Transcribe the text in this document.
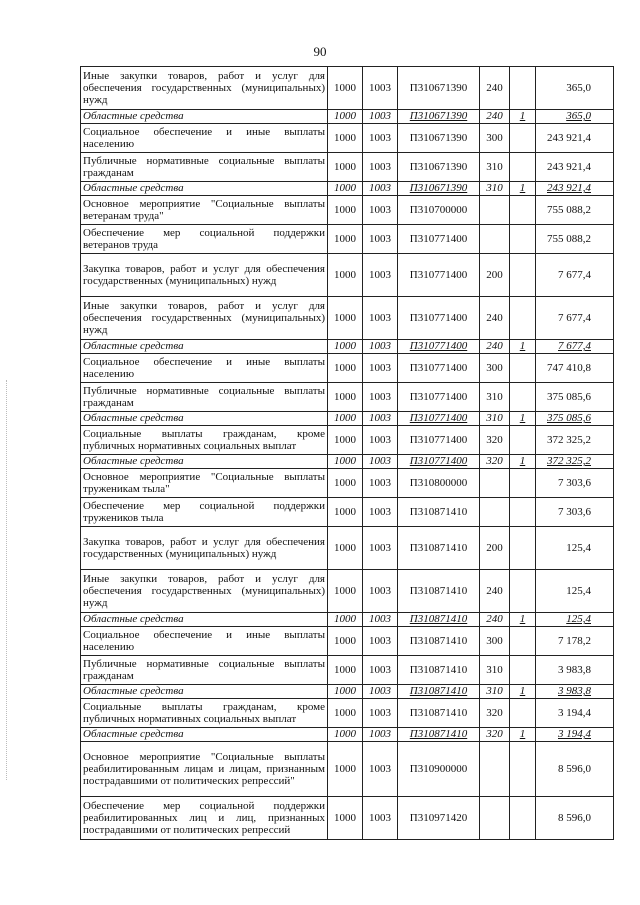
90
Иные закупки товаров, работ и услуг для обеспечения государственных (муниципальных) нужд	1000	1003	П310671390	240		365,0
Областные средства	1000	1003	П310671390	240	1	365,0
Социальное обеспечение и иные выплаты населению	1000	1003	П310671390	300		243 921,4
Публичные нормативные социальные выплаты гражданам	1000	1003	П310671390	310		243 921,4
Областные средства	1000	1003	П310671390	310	1	243 921,4
Основное мероприятие "Социальные выплаты ветеранам труда"	1000	1003	П310700000			755 088,2
Обеспечение мер социальной поддержки ветеранов труда	1000	1003	П310771400			755 088,2
Закупка товаров, работ и услуг для обеспечения государственных (муниципальных) нужд	1000	1003	П310771400	200		7 677,4
Иные закупки товаров, работ и услуг для обеспечения государственных (муниципальных) нужд	1000	1003	П310771400	240		7 677,4
Областные средства	1000	1003	П310771400	240	1	7 677,4
Социальное обеспечение и иные выплаты населению	1000	1003	П310771400	300		747 410,8
Публичные нормативные социальные выплаты гражданам	1000	1003	П310771400	310		375 085,6
Областные средства	1000	1003	П310771400	310	1	375 085,6
Социальные выплаты гражданам, кроме публичных нормативных социальных выплат	1000	1003	П310771400	320		372 325,2
Областные средства	1000	1003	П310771400	320	1	372 325,2
Основное мероприятие "Социальные выплаты труженикам тыла"	1000	1003	П310800000			7 303,6
Обеспечение мер социальной поддержки тружеников тыла	1000	1003	П310871410			7 303,6
Закупка товаров, работ и услуг для обеспечения государственных (муниципальных) нужд	1000	1003	П310871410	200		125,4
Иные закупки товаров, работ и услуг для обеспечения государственных (муниципальных) нужд	1000	1003	П310871410	240		125,4
Областные средства	1000	1003	П310871410	240	1	125,4
Социальное обеспечение и иные выплаты населению	1000	1003	П310871410	300		7 178,2
Публичные нормативные социальные выплаты гражданам	1000	1003	П310871410	310		3 983,8
Областные средства	1000	1003	П310871410	310	1	3 983,8
Социальные выплаты гражданам, кроме публичных нормативных социальных выплат	1000	1003	П310871410	320		3 194,4
Областные средства	1000	1003	П310871410	320	1	3 194,4
Основное мероприятие "Социальные выплаты реабилитированным лицам и лицам, признанным пострадавшими от политических репрессий"	1000	1003	П310900000			8 596,0
Обеспечение мер социальной поддержки реабилитированных лиц и лиц, признанных пострадавшими от политических репрессий	1000	1003	П310971420			8 596,0
